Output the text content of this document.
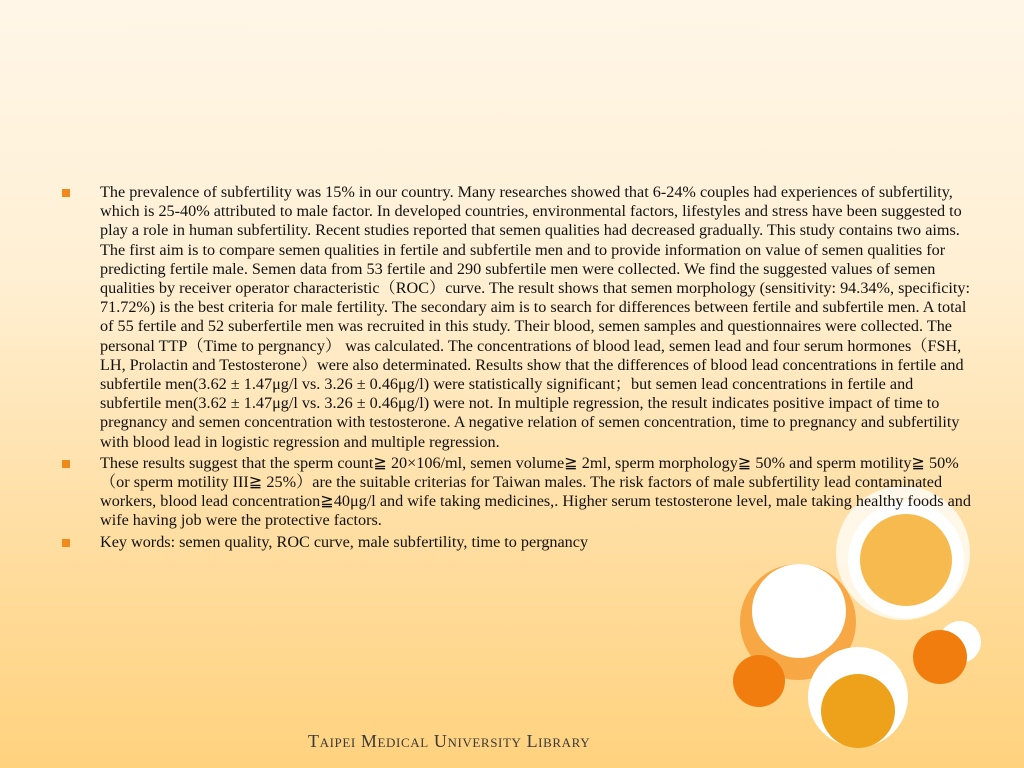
The prevalence of subfertility was 15% in our country. Many researches showed that 6-24% couples had experiences of subfertility, which is 25-40% attributed to male factor. In developed countries, environmental factors, lifestyles and stress have been suggested to play a role in human subfertility. Recent studies reported that semen qualities had decreased gradually. This study contains two aims. The first aim is to compare semen qualities in fertile and subfertile men and to provide information on value of semen qualities for predicting fertile male. Semen data from 53 fertile and 290 subfertile men were collected. We find the suggested values of semen qualities by receiver operator characteristic（ROC）curve. The result shows that semen morphology (sensitivity: 94.34%, specificity: 71.72%) is the best criteria for male fertility. The secondary aim is to search for differences between fertile and subfertile men. A total of 55 fertile and 52 suberfertile men was recruited in this study. Their blood, semen samples and questionnaires were collected. The personal TTP（Time to pergnancy） was calculated. The concentrations of blood lead, semen lead and four serum hormones（FSH, LH, Prolactin and Testosterone）were also determinated. Results show that the differences of blood lead concentrations in fertile and subfertile men(3.62 ± 1.47μg/l vs. 3.26 ± 0.46μg/l) were statistically significant；but semen lead concentrations in fertile and subfertile men(3.62 ± 1.47μg/l vs. 3.26 ± 0.46μg/l) were not. In multiple regression, the result indicates positive impact of time to pregnancy and semen concentration with testosterone. A negative relation of semen concentration, time to pregnancy and subfertility with blood lead in logistic regression and multiple regression.
These results suggest that the sperm count≧ 20×106/ml, semen volume≧ 2ml, sperm morphology≧ 50% and sperm motility≧ 50%（or sperm motility III≧ 25%）are the suitable criterias for Taiwan males. The risk factors of male subfertility lead contaminated workers, blood lead concentration≧40μg/l and wife taking medicines,. Higher serum testosterone level, male taking healthy foods and wife having job were the protective factors.
Key words: semen quality, ROC curve, male subfertility, time to pergnancy
Taipei Medical University Library
